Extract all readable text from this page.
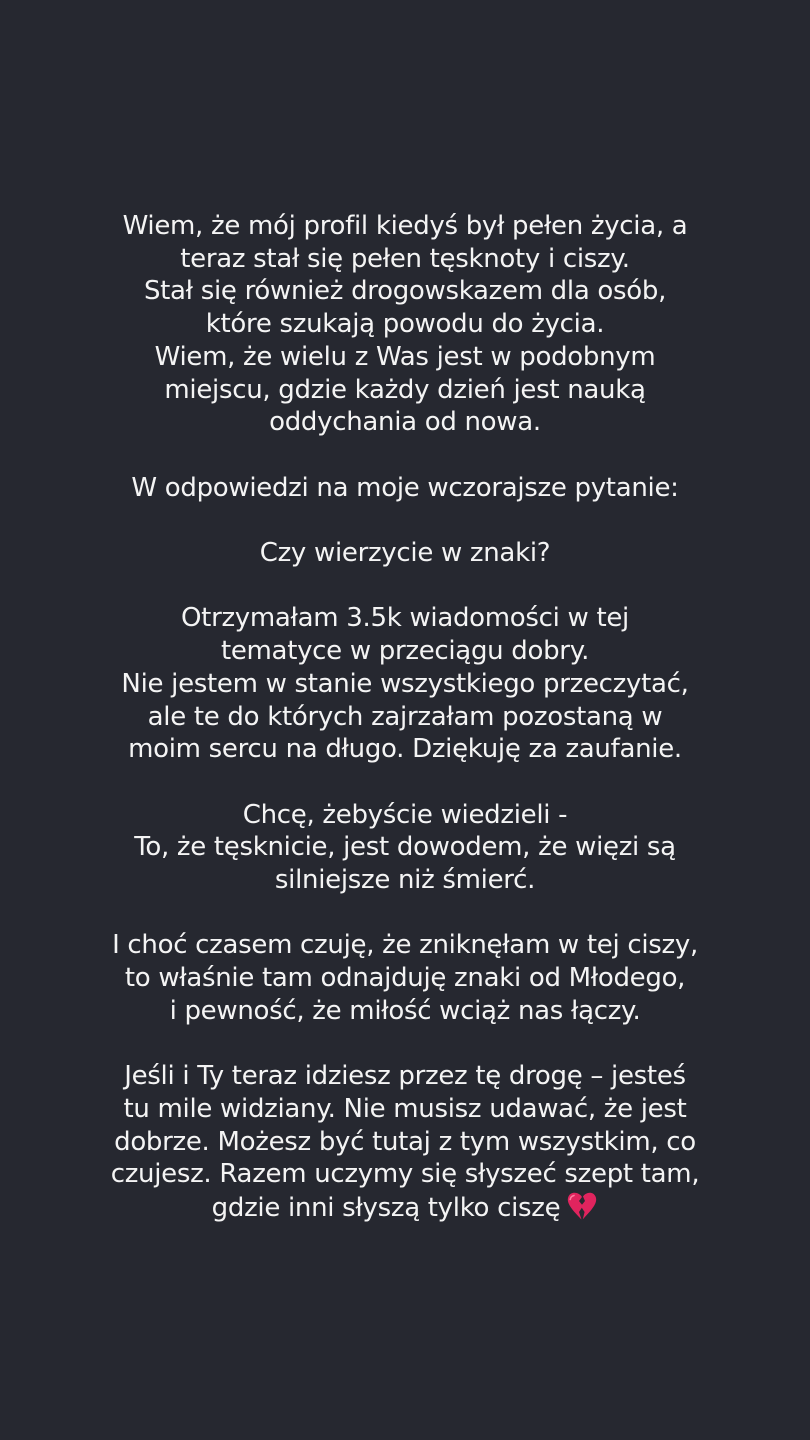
Wiem, że mój profil kiedyś był pełen życia, a
teraz stał się pełen tęsknoty i ciszy.
Stał się również drogowskazem dla osób,
które szukają powodu do życia.
Wiem, że wielu z Was jest w podobnym
miejscu, gdzie każdy dzień jest nauką
oddychania od nowa.

W odpowiedzi na moje wczorajsze pytanie:

Czy wierzycie w znaki?

Otrzymałam 3.5k wiadomości w tej
tematyce w przeciągu dobry.
Nie jestem w stanie wszystkiego przeczytać,
ale te do których zajrzałam pozostaną w
moim sercu na długo. Dziękuję za zaufanie.

Chcę, żebyście wiedzieli -
To, że tęsknicie, jest dowodem, że więzi są
silniejsze niż śmierć.

I choć czasem czuję, że zniknęłam w tej ciszy,
to właśnie tam odnajduję znaki od Młodego,
i pewność, że miłość wciąż nas łączy.

Jeśli i Ty teraz idziesz przez tę drogę – jesteś
tu mile widziany. Nie musisz udawać, że jest
dobrze. Możesz być tutaj z tym wszystkim, co
czujesz. Razem uczymy się słyszeć szept tam,
gdzie inni słyszą tylko ciszę
